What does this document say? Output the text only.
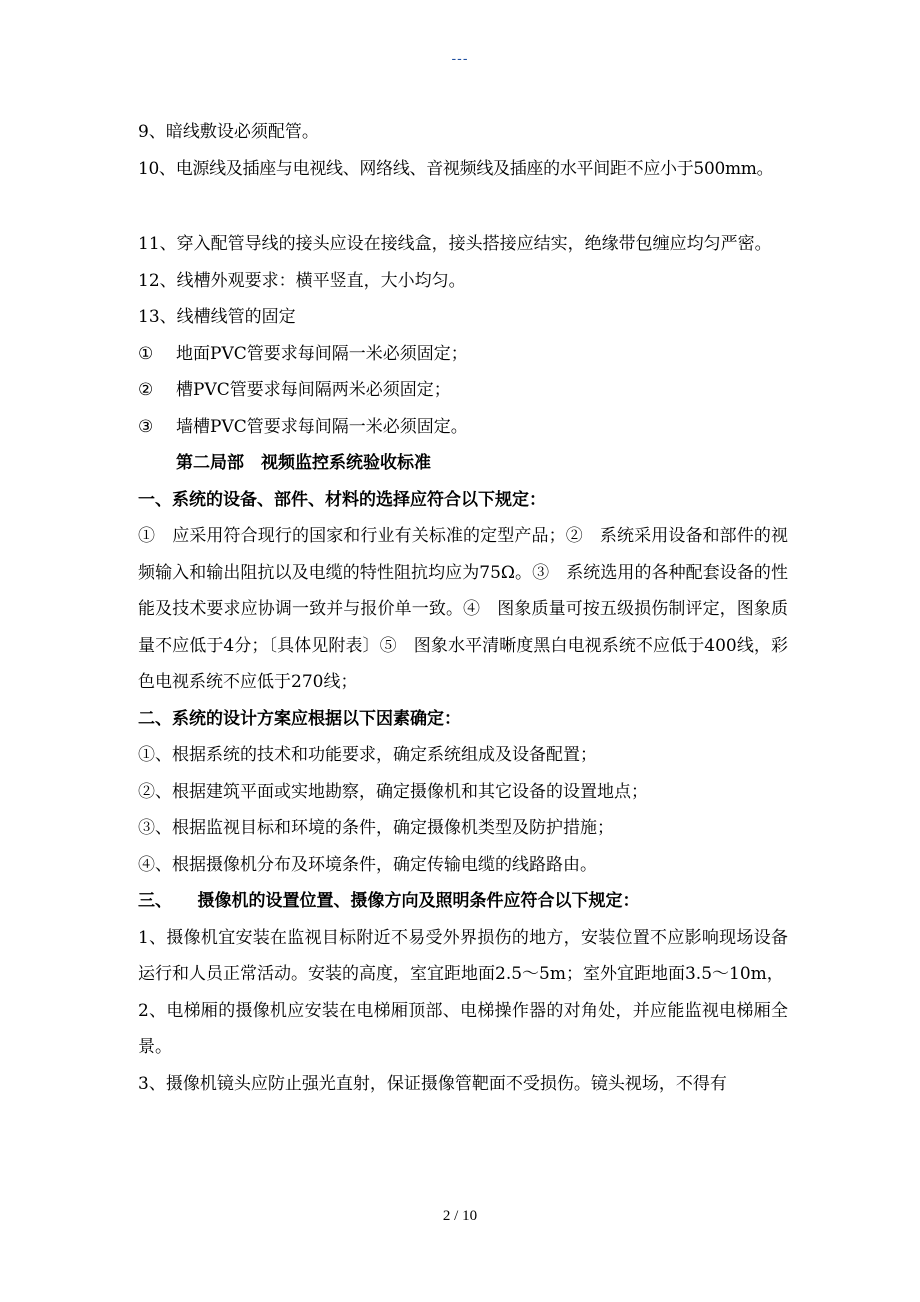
---

9、暗线敷设必须配管。

10、电源线及插座与电视线、网络线、音视频线及插座的水平间距不应小于500mm。

11、穿入配管导线的接头应设在接线盒，接头搭接应结实，绝缘带包缠应均匀严密。

12、线槽外观要求：横平竖直，大小均匀。

13、线槽线管的固定

① 地面PVC管要求每间隔一米必须固定；

② 槽PVC管要求每间隔两米必须固定；

③ 墙槽PVC管要求每间隔一米必须固定。

第二局部　视频监控系统验收标准

一、系统的设备、部件、材料的选择应符合以下规定：

①　应采用符合现行的国家和行业有关标准的定型产品；②　系统采用设备和部件的视频输入和输出阻抗以及电缆的特性阻抗均应为75Ω。③　系统选用的各种配套设备的性能及技术要求应协调一致并与报价单一致。④　图象质量可按五级损伤制评定，图象质量不应低于4分；〔具体见附表〕⑤　图象水平清晰度黑白电视系统不应低于400线，彩色电视系统不应低于270线；

二、系统的设计方案应根据以下因素确定：

①、根据系统的技术和功能要求，确定系统组成及设备配置；

②、根据建筑平面或实地勘察，确定摄像机和其它设备的设置地点；

③、根据监视目标和环境的条件，确定摄像机类型及防护措施；

④、根据摄像机分布及环境条件，确定传输电缆的线路路由。

三、　　摄像机的设置位置、摄像方向及照明条件应符合以下规定：

1、摄像机宜安装在监视目标附近不易受外界损伤的地方，安装位置不应影响现场设备运行和人员正常活动。安装的高度，室宜距地面2.5～5m；室外宜距地面3.5～10m，

2、电梯厢的摄像机应安装在电梯厢顶部、电梯操作器的对角处，并应能监视电梯厢全景。

3、摄像机镜头应防止强光直射，保证摄像管靶面不受损伤。镜头视场，不得有

2 / 10
